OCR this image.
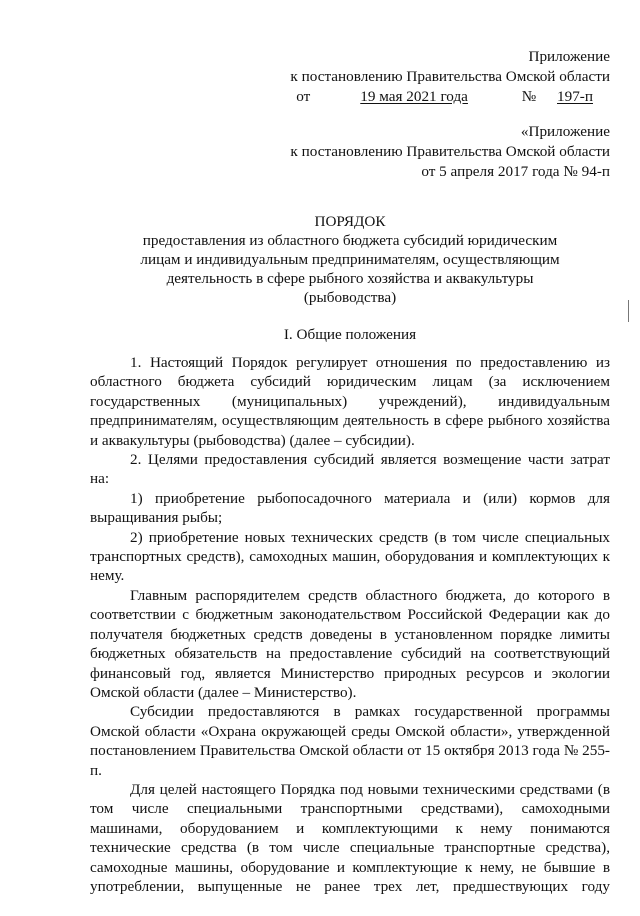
Приложение
к постановлению Правительства Омской области
от	19 мая 2021 года	№ 197-п
«Приложение
к постановлению Правительства Омской области
от 5 апреля 2017 года № 94-п
ПОРЯДОК
предоставления из областного бюджета субсидий юридическим
лицам и индивидуальным предпринимателям, осуществляющим
деятельность в сфере рыбного хозяйства и аквакультуры
(рыбоводства)
I. Общие положения

1. Настоящий Порядок регулирует отношения по предоставлению из областного бюджета субсидий юридическим лицам (за исключением государственных (муниципальных) учреждений), индивидуальным предпринимателям, осуществляющим деятельность в сфере рыбного хозяйства и аквакультуры (рыбоводства) (далее – субсидии).

2. Целями предоставления субсидий является возмещение части затрат на:

1) приобретение рыбопосадочного материала и (или) кормов для выращивания рыбы;

2) приобретение новых технических средств (в том числе специальных транспортных средств), самоходных машин, оборудования и комплектующих к нему.

Главным распорядителем средств областного бюджета, до которого в соответствии с бюджетным законодательством Российской Федерации как до получателя бюджетных средств доведены в установленном порядке лимиты бюджетных обязательств на предоставление субсидий на соответствующий финансовый год, является Министерство природных ресурсов и экологии Омской области (далее – Министерство).

Субсидии предоставляются в рамках государственной программы Омской области «Охрана окружающей среды Омской области», утвержденной постановлением Правительства Омской области от 15 октября 2013 года № 255-п.

Для целей настоящего Порядка под новыми техническими средствами (в том числе специальными транспортными средствами), самоходными машинами, оборудованием и комплектующими к нему понимаются технические средства (в том числе специальные транспортные средства), самоходные машины, оборудование и комплектующие к нему, не бывшие в употреблении, выпущенные не ранее трех лет, предшествующих году
